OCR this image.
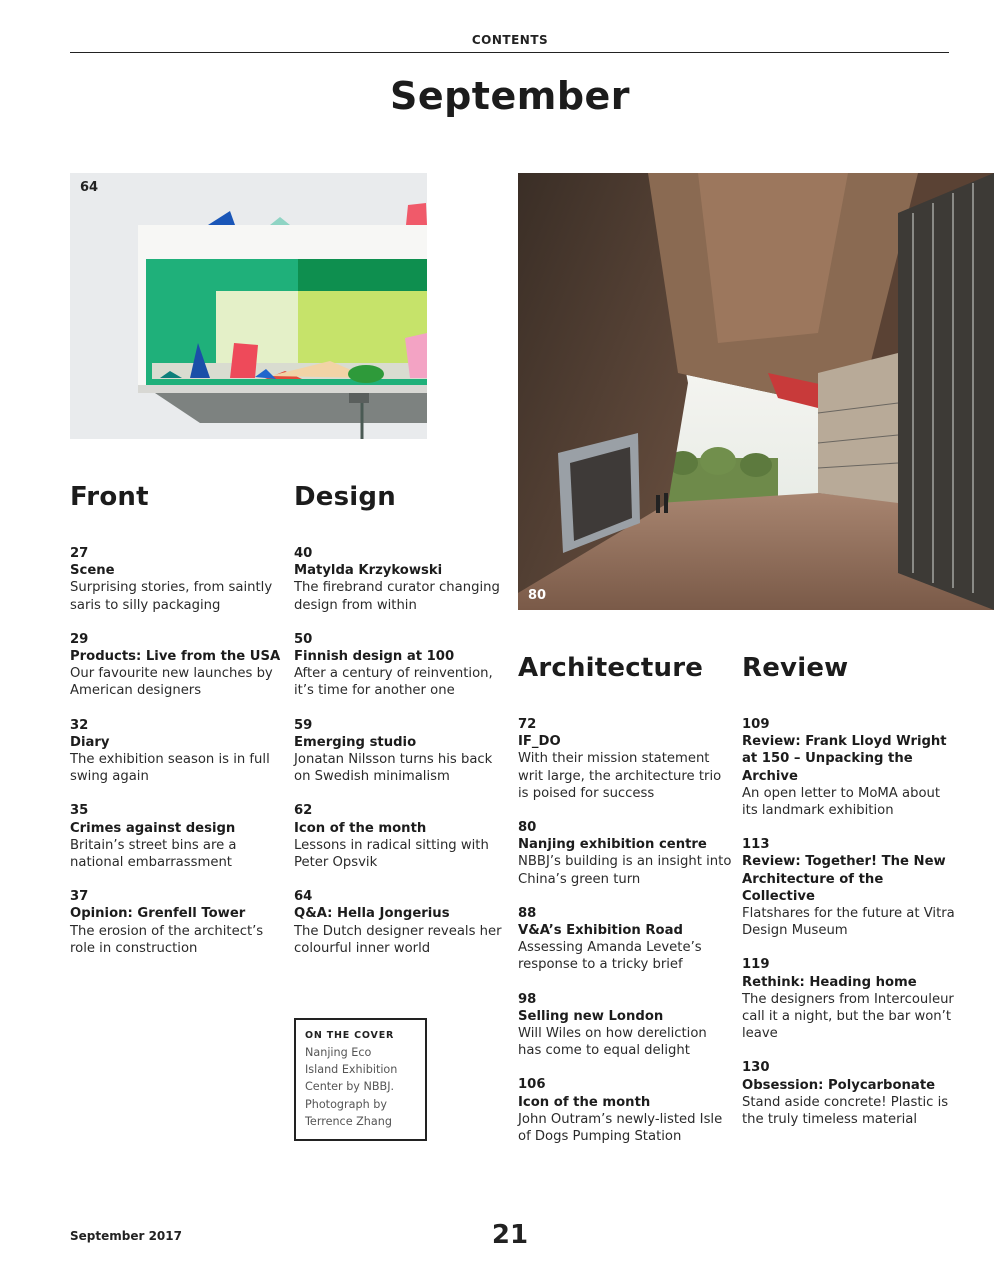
CONTENTS
September
64
80
Front	Design
Architecture Review
27
Scene
Surprising stories, from saintly saris to silly packaging
29
Products: Live from the USA
Our favourite new launches by American designers
32
Diary
The exhibition season is in full swing again
35
Crimes against design
Britain’s street bins are a national embarrassment
37
Opinion: Grenfell Tower
The erosion of the architect’s role in construction
40
Matylda Krzykowski
The firebrand curator changing design from within
50
Finnish design at 100
After a century of reinvention, it’s time for another one
59
Emerging studio
Jonatan Nilsson turns his back on Swedish minimalism
62
Icon of the month
Lessons in radical sitting with Peter Opsvik
64
Q&A: Hella Jongerius
The Dutch designer reveals her colourful inner world
72
IF_DO
With their mission statement writ large, the architecture trio is poised for success
80
Nanjing exhibition centre
NBBJ’s building is an insight into China’s green turn
88
V&A’s Exhibition Road
Assessing Amanda Levete’s response to a tricky brief
98
Selling new London
Will Wiles on how dereliction has come to equal delight
106
Icon of the month
John Outram’s newly-listed Isle of Dogs Pumping Station
109
Review: Frank Lloyd Wright at 150 – Unpacking the Archive
An open letter to MoMA about its landmark exhibition
113
Review: Together! The New Architecture of the Collective
Flatshares for the future at Vitra Design Museum
119
Rethink: Heading home
The designers from Intercouleur call it a night, but the bar won’t leave
130
Obsession: Polycarbonate
Stand aside concrete! Plastic is the truly timeless material
ON THE COVER
Nanjing Eco
Island Exhibition
Center by NBBJ.
Photograph by
Terrence Zhang
September 2017	21
